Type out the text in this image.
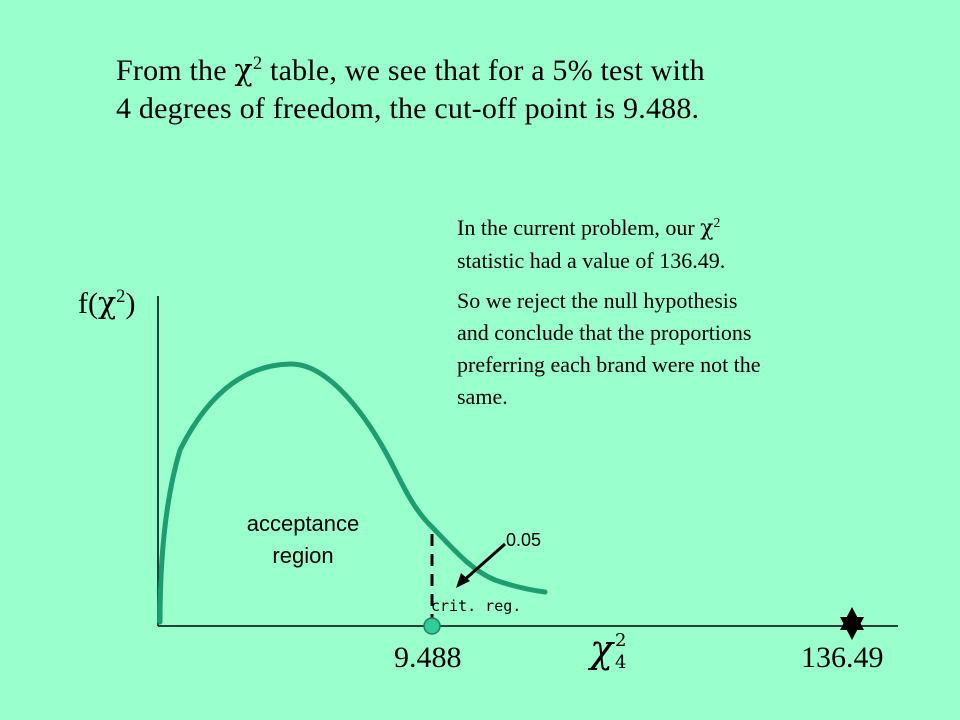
From the $\chi^2$ table, we see that for a 5% test with
4 degrees of freedom, the cut-off point is 9.488.

In the current problem, our $\chi^2$
statistic had a value of 136.49.

So we reject the null hypothesis
and conclude that the proportions
preferring each brand were not the
same.

$f(\chi^2)$
acceptance
region
0.05
crit. reg.
9.488	136.49
χ 2
4
